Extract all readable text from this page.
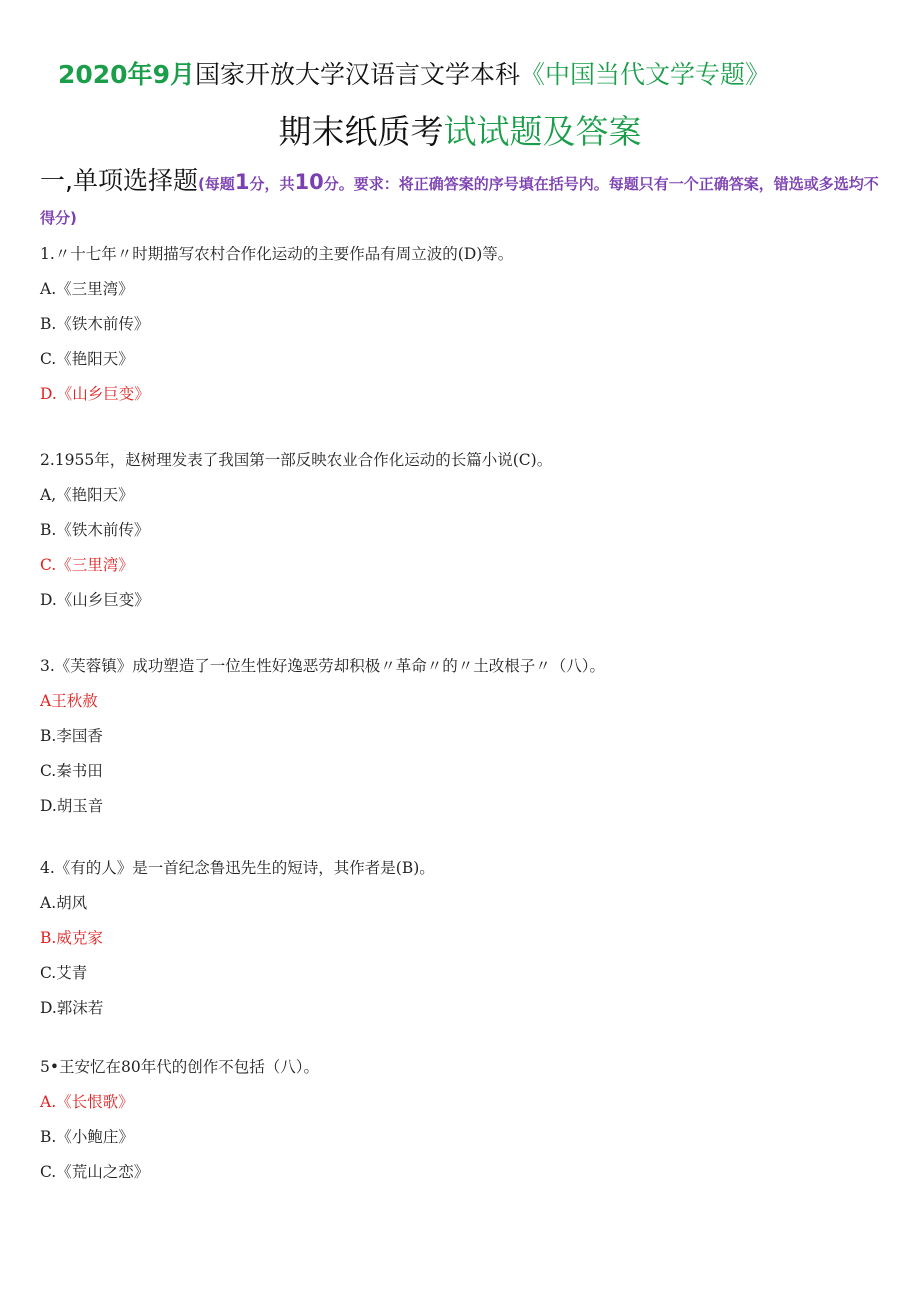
2020年9月国家开放大学汉语言文学本科《中国当代文学专题》
期末纸质考试试题及答案
一,单项选择题(每题1分，共10分。要求：将正确答案的序号填在括号内。每题只有一个正确答案，错选或多选均不得分)
1.〃十七年〃时期描写农村合作化运动的主要作品有周立波的(D)等。
A.《三里湾》
B.《铁木前传》
C.《艳阳天》
D.《山乡巨变》
2.1955年，赵树理发表了我国第一部反映农业合作化运动的长篇小说(C)。
A,《艳阳天》
B.《铁木前传》
C.《三里湾》
D.《山乡巨变》
3.《芙蓉镇》成功塑造了一位生性好逸恶劳却积极〃革命〃的〃土改根子〃（八）。
A王秋赦
B.李国香
C.秦书田
D.胡玉音
4.《有的人》是一首纪念鲁迅先生的短诗，其作者是(B)。
A.胡风
B.威克家
C.艾青
D.郭沫若
5•王安忆在80年代的创作不包括（八）。
A.《长恨歌》
B.《小鲍庄》
C.《荒山之恋》
